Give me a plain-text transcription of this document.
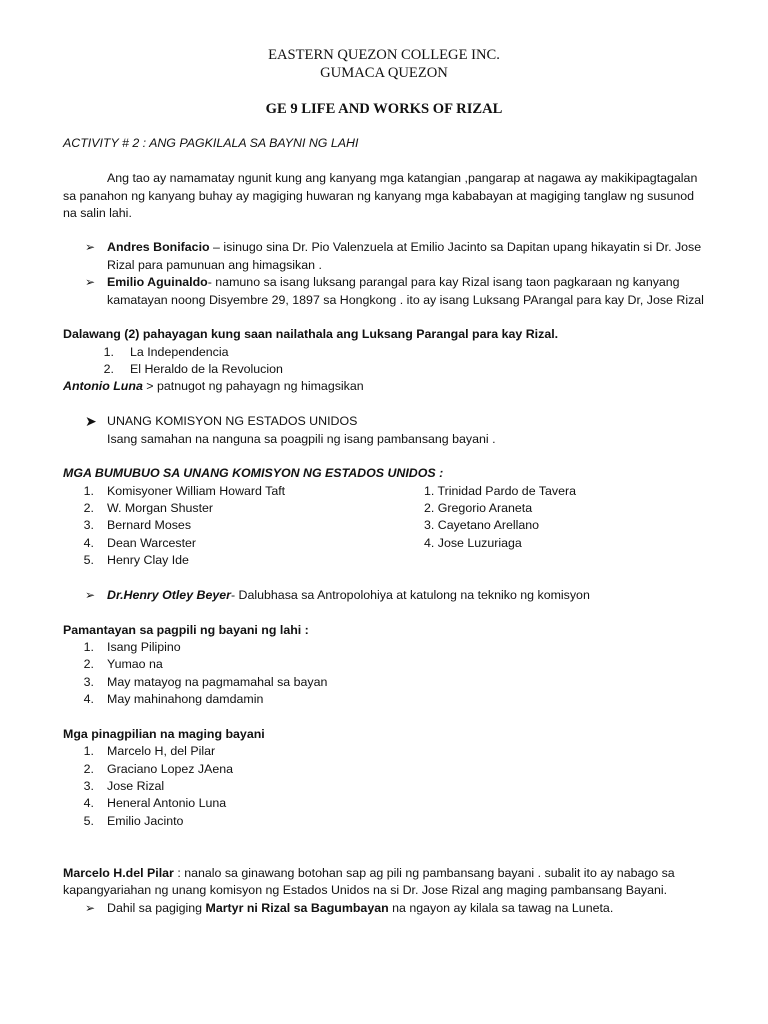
EASTERN QUEZON COLLEGE INC.
GUMACA QUEZON
GE 9 LIFE AND WORKS OF RIZAL
ACTIVITY # 2 : ANG PAGKILALA SA BAYNI NG LAHI
Ang tao ay namamatay ngunit kung ang kanyang mga katangian ,pangarap at nagawa ay makikipagtagalan
sa panahon ng kanyang buhay ay magiging huwaran ng kanyang mga kababayan at magiging tanglaw ng susunod
na salin lahi.
➢ Andres Bonifacio – isinugo sina Dr. Pio Valenzuela at Emilio Jacinto sa Dapitan upang hikayatin si Dr. Jose
Rizal para pamunuan ang himagsikan .
➢ Emilio Aguinaldo- namuno sa isang luksang parangal para kay Rizal isang taon pagkaraan ng kanyang
kamatayan noong Disyembre 29, 1897 sa Hongkong . ito ay isang Luksang PArangal para kay Dr, Jose Rizal
Dalawang (2) pahayagan kung saan nailathala ang Luksang Parangal para kay Rizal.
1. La Independencia
2. El Heraldo de la Revolucion
Antonio Luna > patnugot ng pahayagn ng himagsikan
➤ UNANG KOMISYON NG ESTADOS UNIDOS
Isang samahan na nanguna sa poagpili ng isang pambansang bayani .
MGA BUMUBUO SA UNANG KOMISYON NG ESTADOS UNIDOS :
1. Komisyoner William Howard Taft
2. W. Morgan Shuster
3. Bernard Moses
4. Dean Warcester
5. Henry Clay Ide
1. Trinidad Pardo de Tavera
2. Gregorio Araneta
3. Cayetano Arellano
4. Jose Luzuriaga
➢ Dr.Henry Otley Beyer- Dalubhasa sa Antropolohiya at katulong na tekniko ng komisyon
Pamantayan sa pagpili ng bayani ng lahi :
1. Isang Pilipino
2. Yumao na
3. May matayog na pagmamahal sa bayan
4. May mahinahong damdamin
Mga pinagpilian na maging bayani
1. Marcelo H, del Pilar
2. Graciano Lopez JAena
3. Jose Rizal
4. Heneral Antonio Luna
5. Emilio Jacinto
Marcelo H.del Pilar : nanalo sa ginawang botohan sap ag pili ng pambansang bayani . subalit ito ay nabago sa
kapangyariahan ng unang komisyon ng Estados Unidos na si Dr. Jose Rizal ang maging pambansang Bayani.
➢ Dahil sa pagiging Martyr ni Rizal sa Bagumbayan na ngayon ay kilala sa tawag na Luneta.
